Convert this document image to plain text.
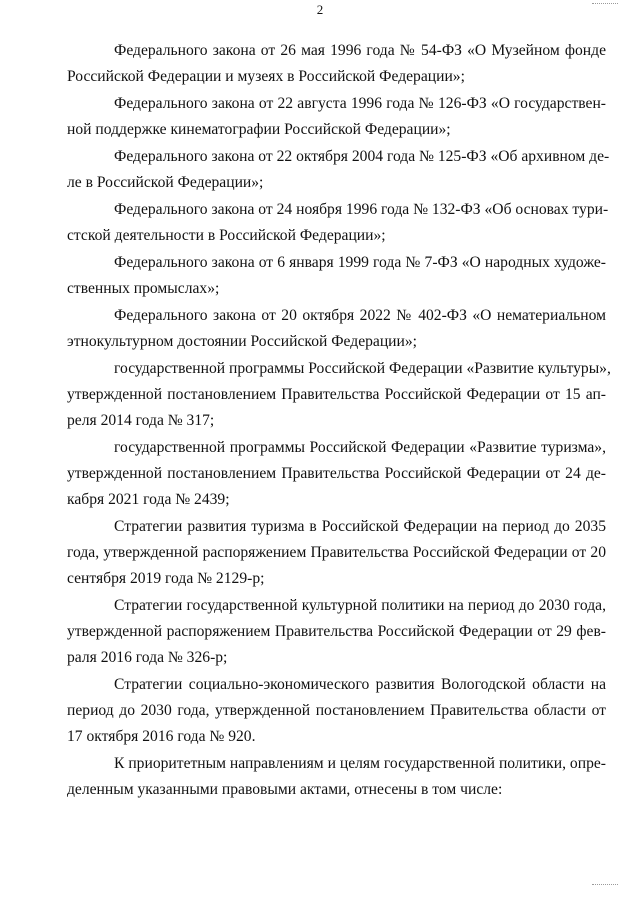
2
Федерального закона от 26 мая 1996 года № 54-ФЗ «О Музейном фонде
Российской Федерации и музеях в Российской Федерации»;
Федерального закона от 22 августа 1996 года № 126-ФЗ «О государствен-
ной поддержке кинематографии Российской Федерации»;
Федерального закона от 22 октября 2004 года № 125-ФЗ «Об архивном де-
ле в Российской Федерации»;
Федерального закона от 24 ноября 1996 года № 132-ФЗ «Об основах тури-
стской деятельности в Российской Федерации»;
Федерального закона от 6 января 1999 года № 7-ФЗ «О народных художе-
ственных промыслах»;
Федерального закона от 20 октября 2022 № 402-ФЗ «О нематериальном
этнокультурном достоянии Российской Федерации»;
государственной программы Российской Федерации «Развитие культуры»,
утвержденной постановлением Правительства Российской Федерации от 15 ап-
реля 2014 года № 317;
государственной программы Российской Федерации «Развитие туризма»,
утвержденной постановлением Правительства Российской Федерации от 24 де-
кабря 2021 года № 2439;
Стратегии развития туризма в Российской Федерации на период до 2035
года, утвержденной распоряжением Правительства Российской Федерации от 20
сентября 2019 года № 2129-р;
Стратегии государственной культурной политики на период до 2030 года,
утвержденной распоряжением Правительства Российской Федерации от 29 фев-
раля 2016 года № 326-р;
Стратегии социально-экономического развития Вологодской области на
период до 2030 года, утвержденной постановлением Правительства области от
17 октября 2016 года № 920.
К приоритетным направлениям и целям государственной политики, опре-
деленным указанными правовыми актами, отнесены в том числе:
